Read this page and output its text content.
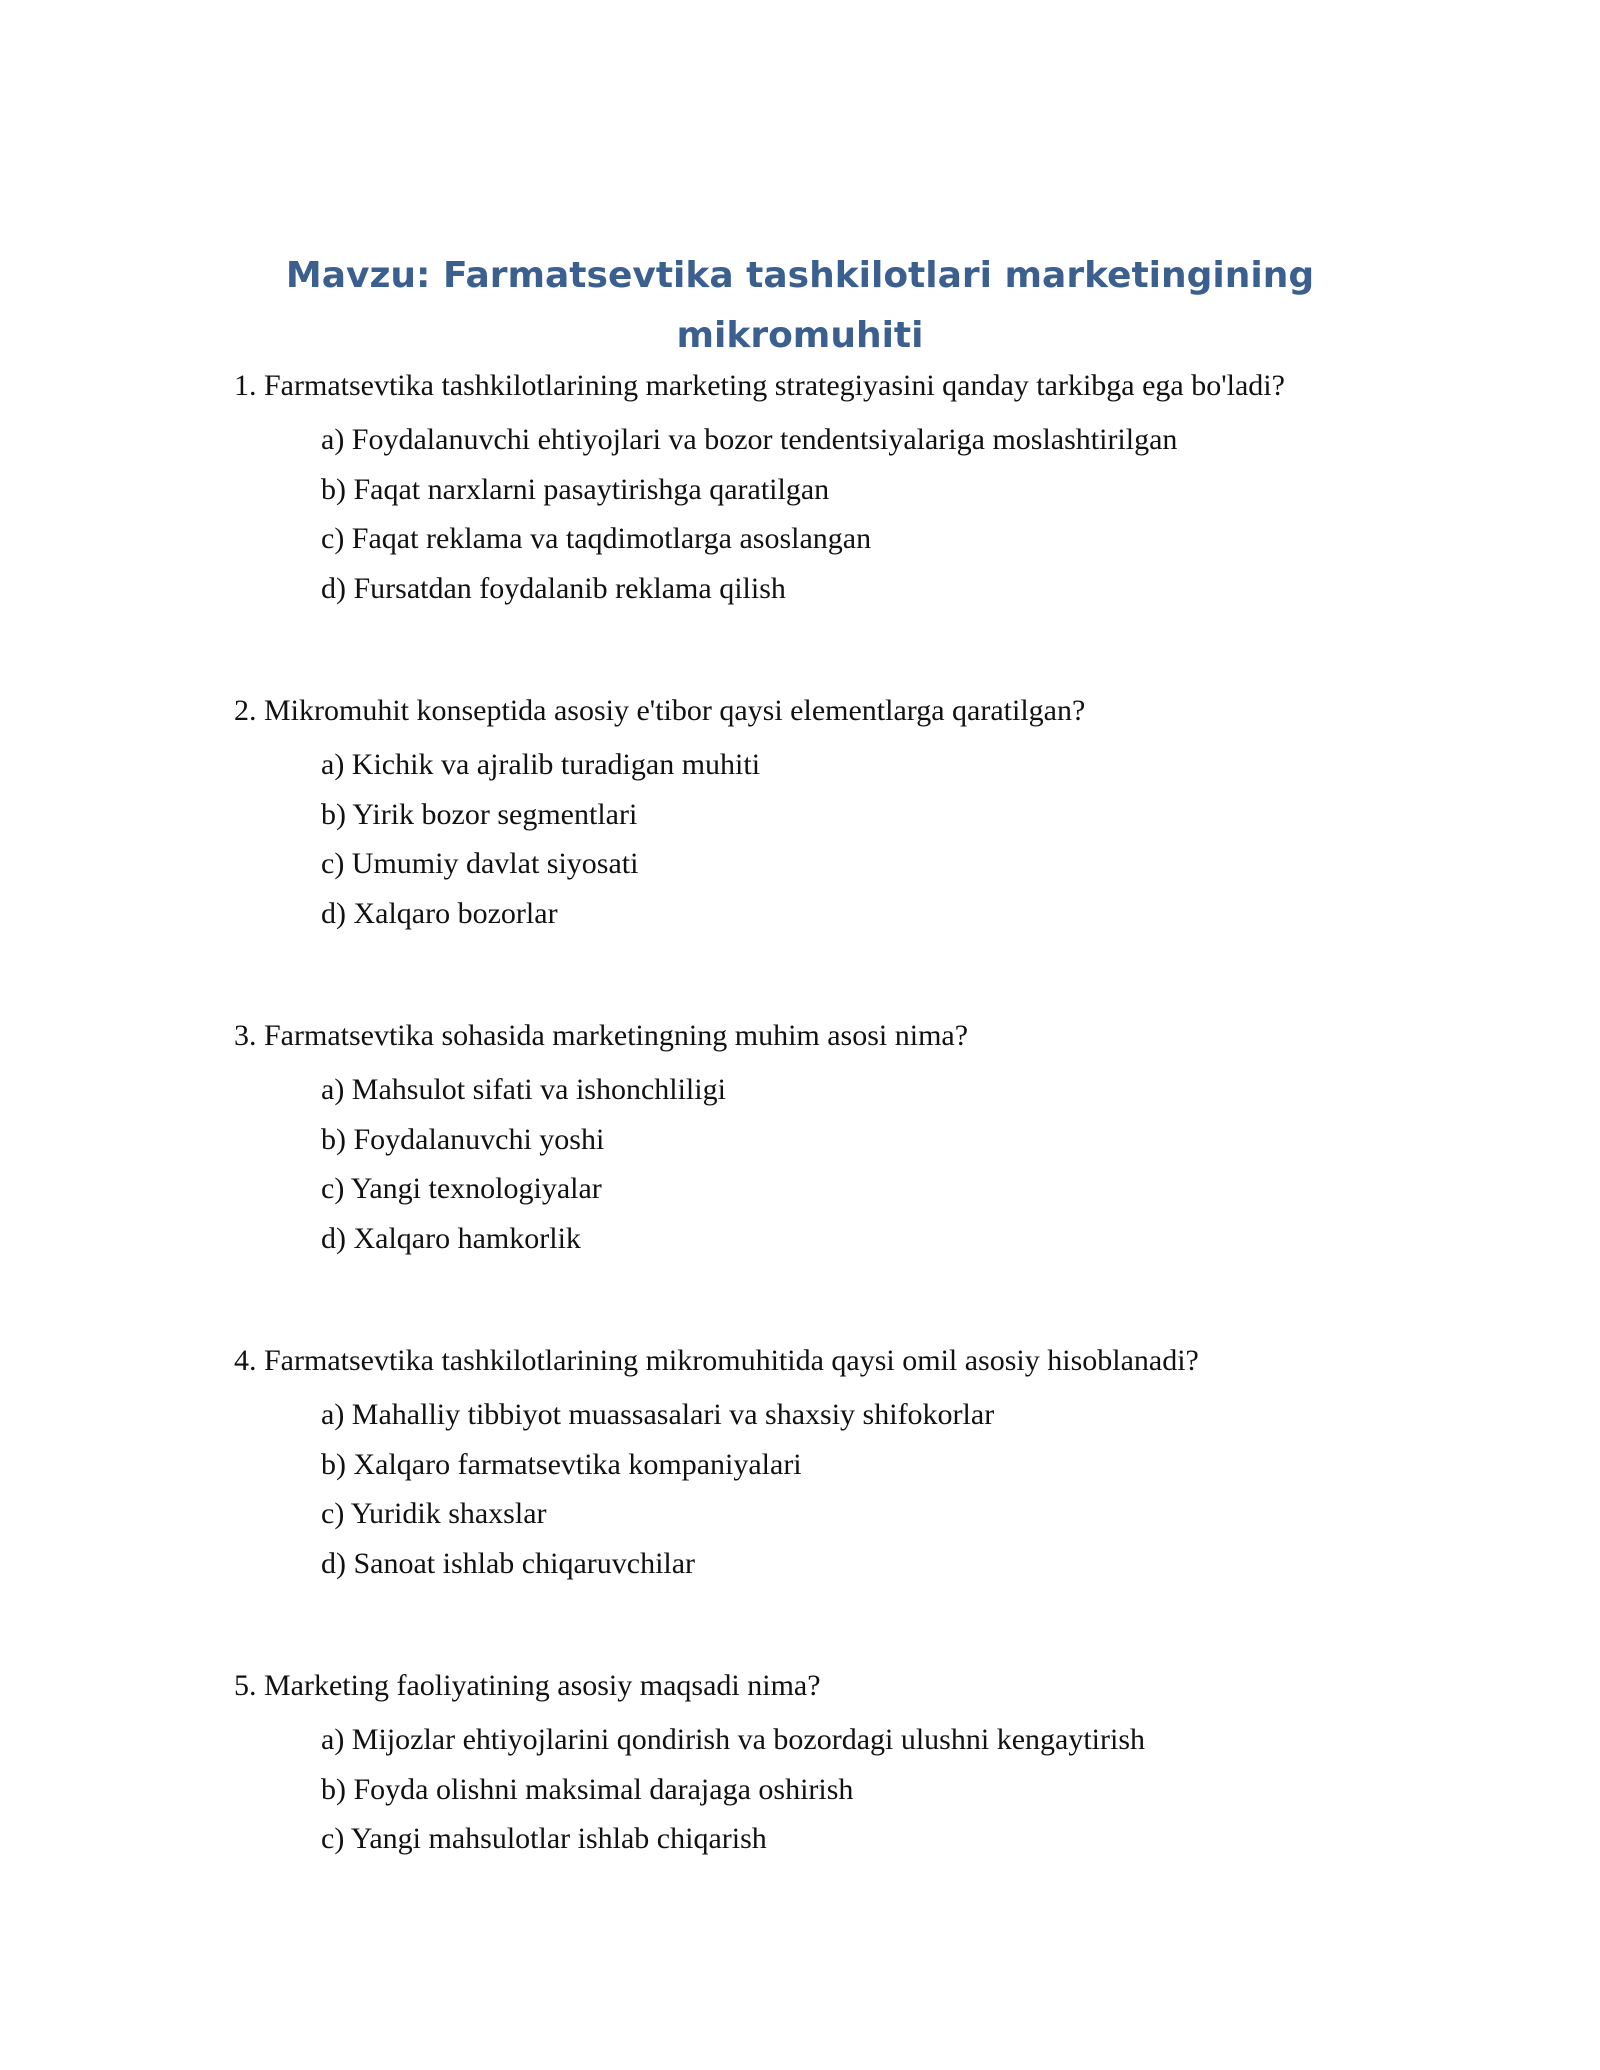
Mavzu: Farmatsevtika tashkilotlari marketingining
mikromuhiti
1. Farmatsevtika tashkilotlarining marketing strategiyasini qanday tarkibga ega bo'ladi?
a) Foydalanuvchi ehtiyojlari va bozor tendentsiyalariga moslashtirilgan
b) Faqat narxlarni pasaytirishga qaratilgan
c) Faqat reklama va taqdimotlarga asoslangan
d) Fursatdan foydalanib reklama qilish
2. Mikromuhit konseptida asosiy e'tibor qaysi elementlarga qaratilgan?
a) Kichik va ajralib turadigan muhiti
b) Yirik bozor segmentlari
c) Umumiy davlat siyosati
d) Xalqaro bozorlar
3. Farmatsevtika sohasida marketingning muhim asosi nima?
a) Mahsulot sifati va ishonchliligi
b) Foydalanuvchi yoshi
c) Yangi texnologiyalar
d) Xalqaro hamkorlik
4. Farmatsevtika tashkilotlarining mikromuhitida qaysi omil asosiy hisoblanadi?
a) Mahalliy tibbiyot muassasalari va shaxsiy shifokorlar
b) Xalqaro farmatsevtika kompaniyalari
c) Yuridik shaxslar
d) Sanoat ishlab chiqaruvchilar
5. Marketing faoliyatining asosiy maqsadi nima?
a) Mijozlar ehtiyojlarini qondirish va bozordagi ulushni kengaytirish
b) Foyda olishni maksimal darajaga oshirish
c) Yangi mahsulotlar ishlab chiqarish
